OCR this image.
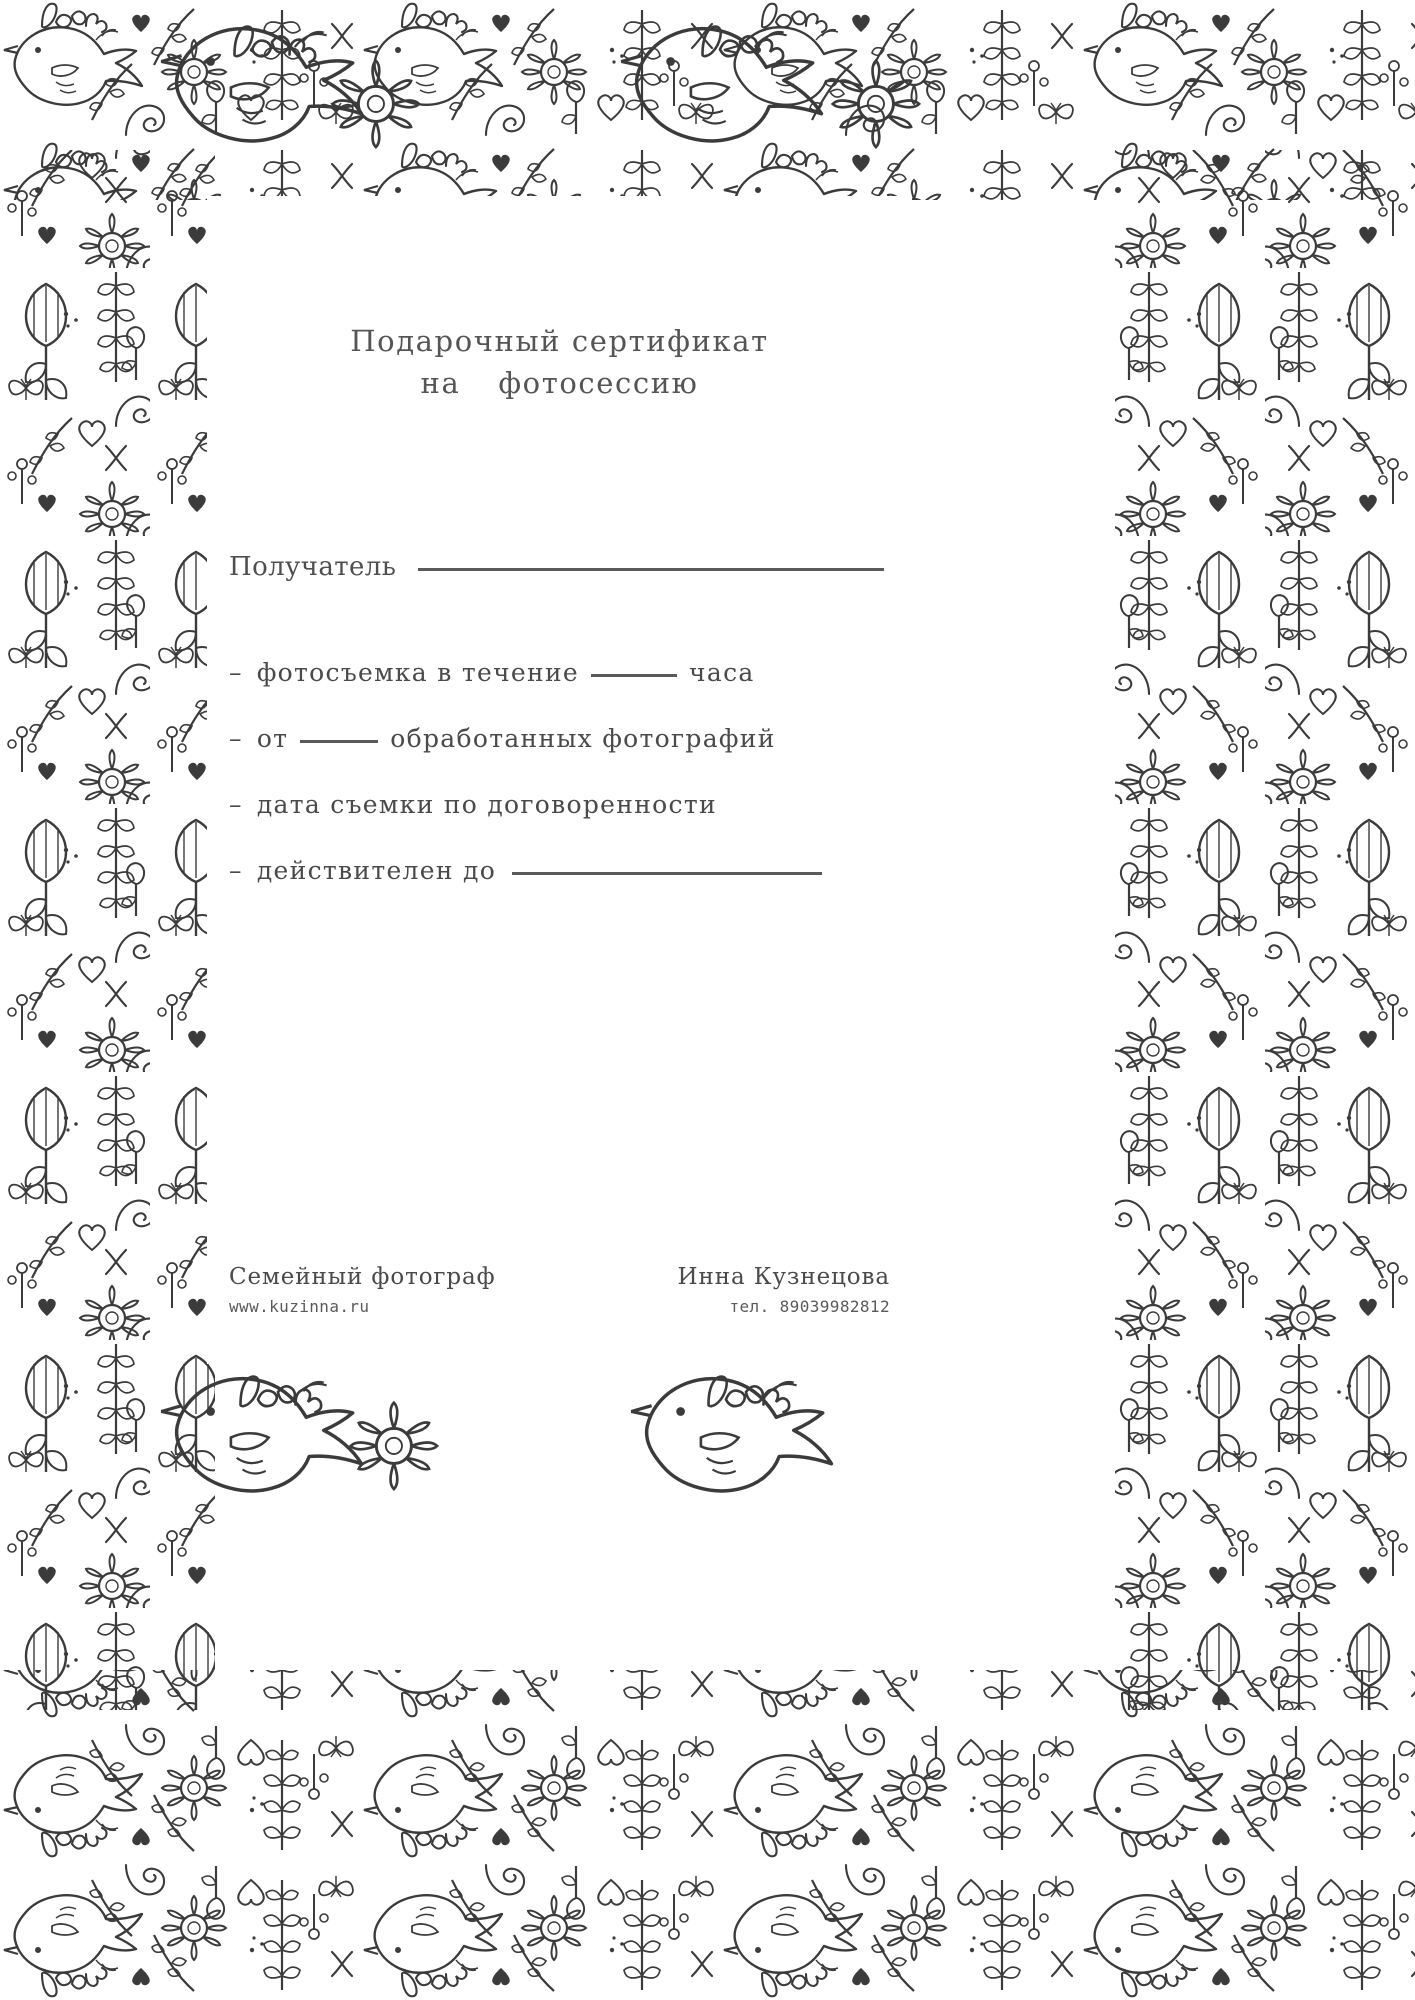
Подарочный сертификат
на фотосессию
Получатель
– фотосъемка в течение	часа
– от	обработанных фотографий
– дата съемки по договоренности
– действителен до
Семейный фотограф
www.kuzinna.ru
Инна Кузнецова
тел. 89039982812
